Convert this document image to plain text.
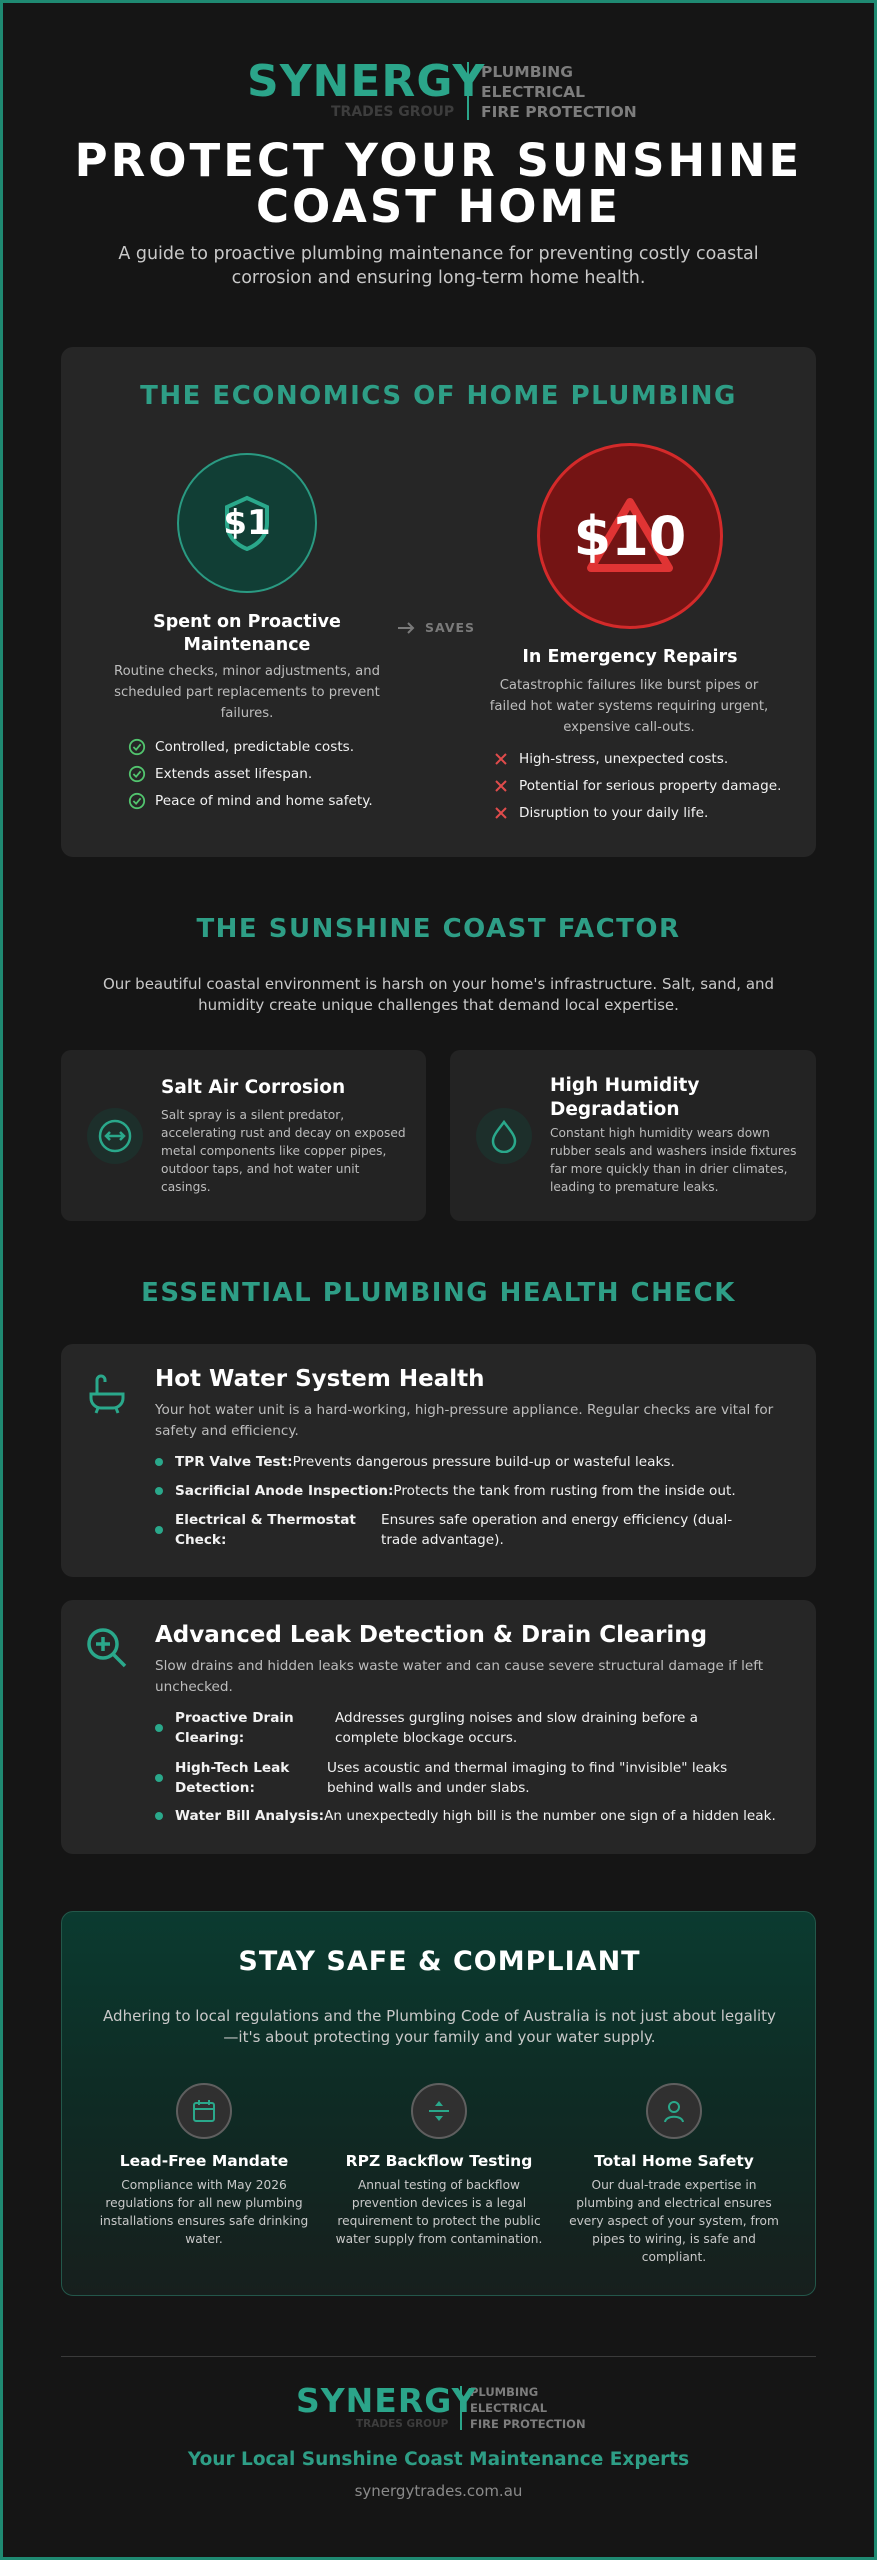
SYNERGY
TRADES GROUP
PLUMBING
ELECTRICAL
FIRE PROTECTION
PROTECT YOUR SUNSHINE
COAST HOME
A guide to proactive plumbing maintenance for preventing costly coastal corrosion and ensuring long-term home health.
THE ECONOMICS OF HOME PLUMBING
$1
Spent on Proactive
Maintenance
Routine checks, minor adjustments, and scheduled part replacements to prevent failures.
Controlled, predictable costs.
Extends asset lifespan.
Peace of mind and home safety.
SAVES
$10
In Emergency Repairs
Catastrophic failures like burst pipes or failed hot water systems requiring urgent, expensive call-outs.
High-stress, unexpected costs.
Potential for serious property damage.
Disruption to your daily life.
THE SUNSHINE COAST FACTOR
Our beautiful coastal environment is harsh on your home's infrastructure. Salt, sand, and humidity create unique challenges that demand local expertise.
Salt Air Corrosion
Salt spray is a silent predator, accelerating rust and decay on exposed metal components like copper pipes, outdoor taps, and hot water unit casings.
High Humidity Degradation
Constant high humidity wears down rubber seals and washers inside fixtures far more quickly than in drier climates, leading to premature leaks.
ESSENTIAL PLUMBING HEALTH CHECK
Hot Water System Health
Your hot water unit is a hard-working, high-pressure appliance. Regular checks are vital for safety and efficiency.
TPR Valve Test: Prevents dangerous pressure build-up or wasteful leaks.
Sacrificial Anode Inspection: Protects the tank from rusting from the inside out.
Electrical & Thermostat Check:
Ensures safe operation and energy efficiency (dual-trade advantage).
Advanced Leak Detection & Drain Clearing
Slow drains and hidden leaks waste water and can cause severe structural damage if left unchecked.
Proactive Drain Clearing:
Addresses gurgling noises and slow draining before a complete blockage occurs.
High-Tech Leak Detection:
Uses acoustic and thermal imaging to find "invisible" leaks behind walls and under slabs.
Water Bill Analysis: An unexpectedly high bill is the number one sign of a hidden leak.
STAY SAFE & COMPLIANT
Adhering to local regulations and the Plumbing Code of Australia is not just about legality—it's about protecting your family and your water supply.
Lead-Free Mandate
Compliance with May 2026 regulations for all new plumbing installations ensures safe drinking water.
RPZ Backflow Testing
Annual testing of backflow prevention devices is a legal requirement to protect the public water supply from contamination.
Total Home Safety
Our dual-trade expertise in plumbing and electrical ensures every aspect of your system, from pipes to wiring, is safe and compliant.
SYNERGY
TRADES GROUP
PLUMBING
ELECTRICAL
FIRE PROTECTION
Your Local Sunshine Coast Maintenance Experts
synergytrades.com.au
